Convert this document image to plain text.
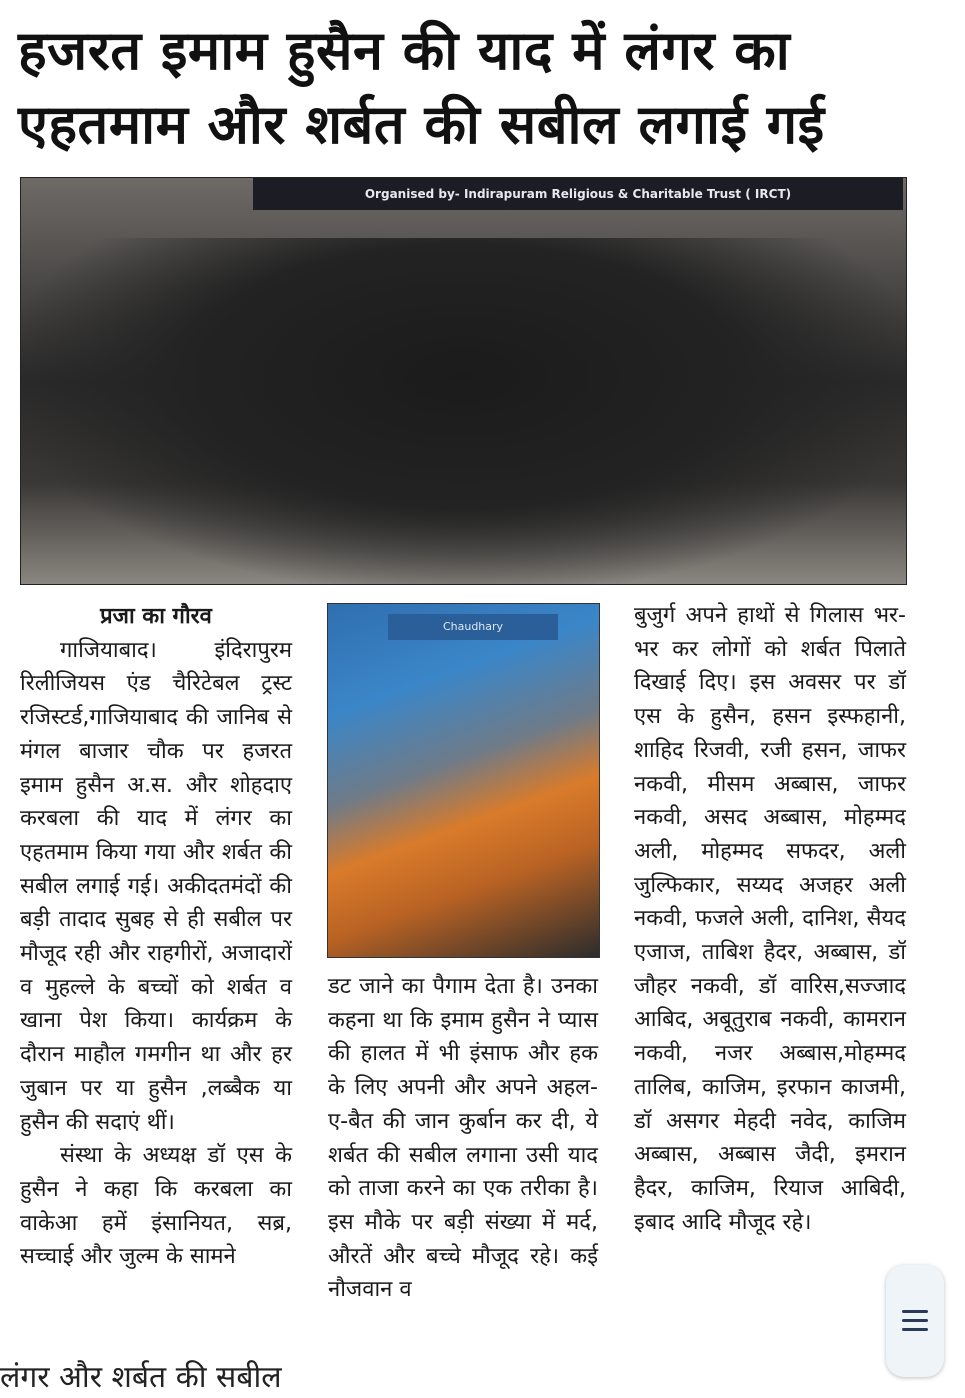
हजरत इमाम हुसैन की याद में लंगर का एहतमाम और शर्बत की सबील लगाई गई
Organised by- Indirapuram Religious & Charitable Trust ( IRCT)

प्रजा का गौरव

गाजियाबाद। इंदिरापुरम रिलीजियस एंड चैरिटेबल ट्रस्ट रजिस्टर्ड,गाजियाबाद की जानिब से मंगल बाजार चौक पर हजरत इमाम हुसैन अ.स. और शोहदाए करबला की याद में लंगर का एहतमाम किया गया और शर्बत की सबील लगाई गई। अकीदतमंदों की बड़ी तादाद सुबह से ही सबील पर मौजूद रही और राहगीरों, अजादारों व मुहल्ले के बच्चों को शर्बत व खाना पेश किया। कार्यक्रम के दौरान माहौल गमगीन था और हर जुबान पर या हुसैन ,लब्बैक या हुसैन की सदाएं थीं।

संस्था के अध्यक्ष डॉ एस के हुसैन ने कहा कि करबला का वाकेआ हमें इंसानियत, सब्र, सच्चाई और जुल्म के सामने

Chaudhary

डट जाने का पैगाम देता है। उनका कहना था कि इमाम हुसैन ने प्यास की हालत में भी इंसाफ और हक के लिए अपनी और अपने अहल-ए-बैत की जान कुर्बान कर दी, ये शर्बत की सबील लगाना उसी याद को ताजा करने का एक तरीका है। इस मौके पर बड़ी संख्या में मर्द, औरतें और बच्चे मौजूद रहे। कई नौजवान व

बुजुर्ग अपने हाथों से गिलास भर-भर कर लोगों को शर्बत पिलाते दिखाई दिए। इस अवसर पर डॉ एस के हुसैन, हसन इस्फहानी, शाहिद रिजवी, रजी हसन, जाफर नकवी, मीसम अब्बास, जाफर नकवी, असद अब्बास, मोहम्मद अली, मोहम्मद सफदर, अली जुल्फिकार, सय्यद अजहर अली नकवी, फजले अली, दानिश, सैयद एजाज, ताबिश हैदर, अब्बास, डॉ जौहर नकवी, डॉ वारिस,सज्जाद आबिद, अबूतुराब नकवी, कामरान नकवी, नजर अब्बास,मोहम्मद तालिब, काजिम, इरफान काजमी, डॉ असगर मेहदी नवेद, काजिम अब्बास, अब्बास जैदी, इमरान हैदर, काजिम, रियाज आबिदी, इबाद आदि मौजूद रहे।

लंगर और शर्बत की सबील
